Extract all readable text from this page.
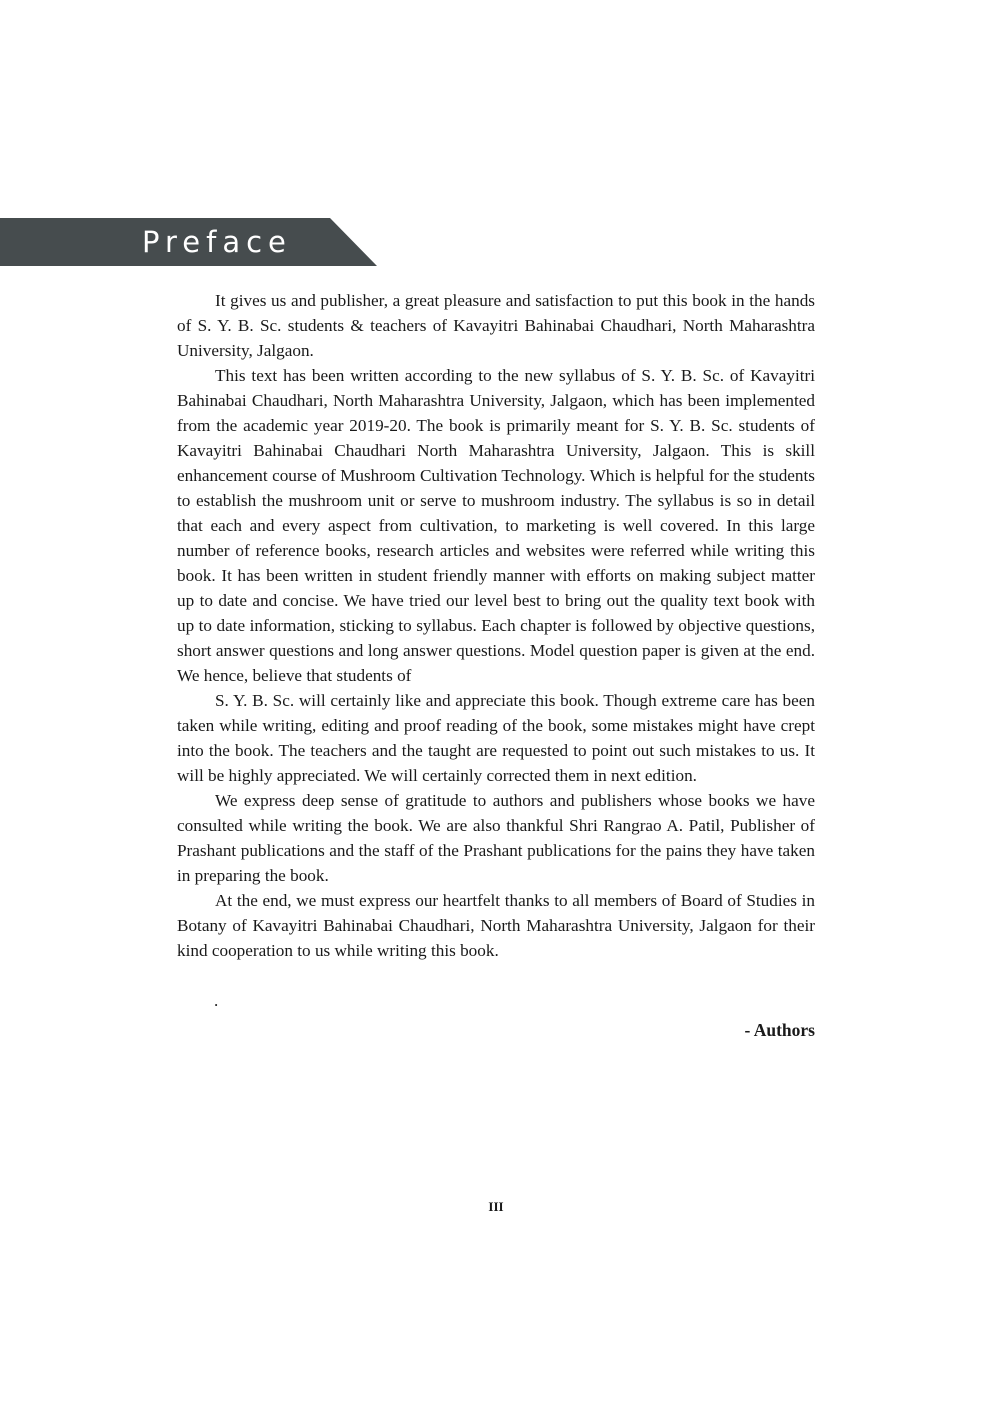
Preface

It gives us and publisher, a great pleasure and satisfaction to put this book in the hands of S. Y. B. Sc. students & teachers of Kavayitri Bahinabai Chaudhari, North Maharashtra University, Jalgaon.

This text has been written according to the new syllabus of S. Y. B. Sc. of Kavayitri Bahinabai Chaudhari, North Maharashtra University, Jalgaon, which has been implemented from the academic year 2019-20. The book is primarily meant for S. Y. B. Sc. students of Kavayitri Bahinabai Chaudhari North Maharashtra University, Jalgaon. This is skill enhancement course of Mushroom Cultivation Technology. Which is helpful for the students to establish the mushroom unit or serve to mushroom industry. The syllabus is so in detail that each and every aspect from cultivation, to marketing is well covered. In this large number of reference books, research articles and websites were referred while writing this book. It has been written in student friendly manner with efforts on making subject matter up to date and concise. We have tried our level best to bring out the quality text book with up to date information, sticking to syllabus. Each chapter is followed by objective questions, short answer questions and long answer questions. Model question paper is given at the end. We hence, believe that students of

S. Y. B. Sc. will certainly like and appreciate this book. Though extreme care has been taken while writing, editing and proof reading of the book, some mistakes might have crept into the book. The teachers and the taught are requested to point out such mistakes to us. It will be highly appreciated. We will certainly corrected them in next edition.

We express deep sense of gratitude to authors and publishers whose books we have consulted while writing the book. We are also thankful Shri Rangrao A. Patil, Publisher of Prashant publications and the staff of the Prashant publications for the pains they have taken in preparing the book.

At the end, we must express our heartfelt thanks to all members of Board of Studies in Botany of Kavayitri Bahinabai Chaudhari, North Maharashtra University, Jalgaon for their kind cooperation to us while writing this book.

.
- Authors
III
